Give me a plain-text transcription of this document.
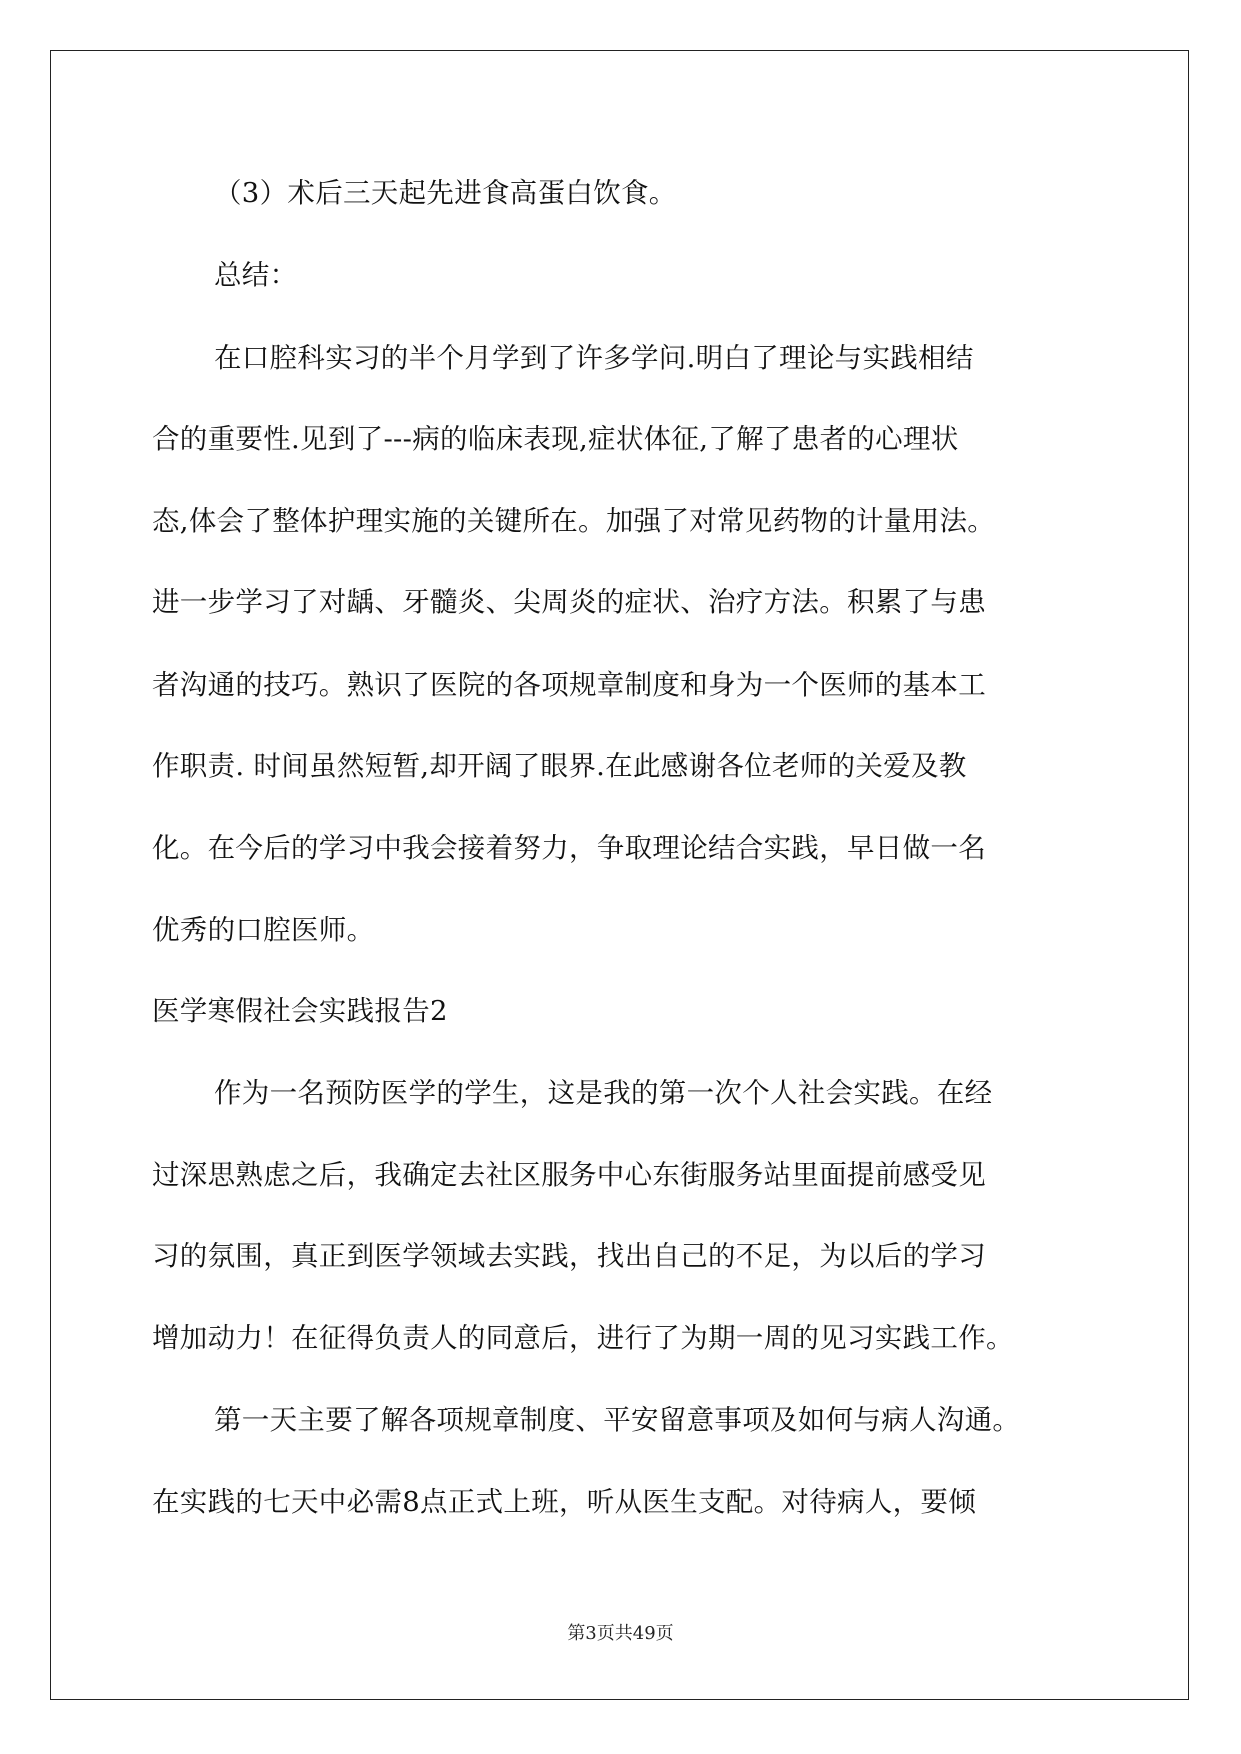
（3）术后三天起先进食高蛋白饮食。
总结：
在口腔科实习的半个月学到了许多学问.明白了理论与实践相结
合的重要性.见到了---病的临床表现,症状体征,了解了患者的心理状
态,体会了整体护理实施的关键所在。加强了对常见药物的计量用法。
进一步学习了对龋、牙髓炎、尖周炎的症状、治疗方法。积累了与患
者沟通的技巧。熟识了医院的各项规章制度和身为一个医师的基本工
作职责. 时间虽然短暂,却开阔了眼界.在此感谢各位老师的关爱及教
化。在今后的学习中我会接着努力，争取理论结合实践，早日做一名
优秀的口腔医师。
医学寒假社会实践报告2
作为一名预防医学的学生，这是我的第一次个人社会实践。在经
过深思熟虑之后，我确定去社区服务中心东街服务站里面提前感受见
习的氛围，真正到医学领域去实践，找出自己的不足，为以后的学习
增加动力！在征得负责人的同意后，进行了为期一周的见习实践工作。
第一天主要了解各项规章制度、平安留意事项及如何与病人沟通。
在实践的七天中必需8点正式上班，听从医生支配。对待病人，要倾
第3页共49页
